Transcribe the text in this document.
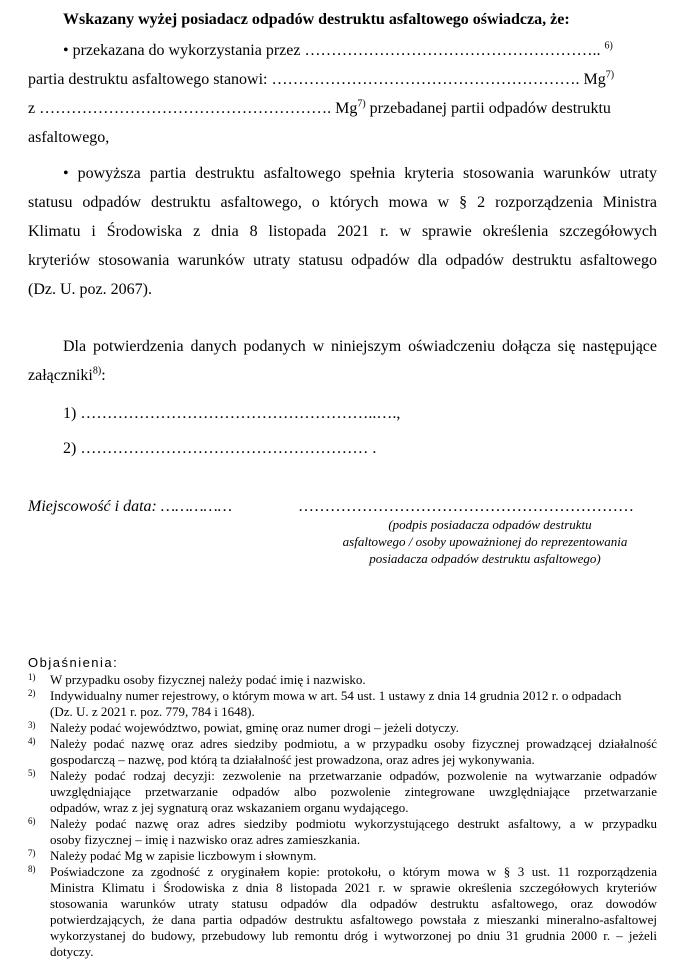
Wskazany wyżej posiadacz odpadów destruktu asfaltowego oświadcza, że:
• przekazana do wykorzystania przez ……………………………………………….. $^{6)}$
partia destruktu asfaltowego stanowi: …………………………………………………. Mg$^{7)}$
z ………………………………………………. Mg$^{7)}$ przebadanej partii odpadów destruktu
asfaltowego,
• powyższa partia destruktu asfaltowego spełnia kryteria stosowania warunków utraty
statusu odpadów destruktu asfaltowego, o których mowa w § 2 rozporządzenia Ministra
Klimatu i Środowiska z dnia 8 listopada 2021 r. w sprawie określenia szczegółowych
kryteriów stosowania warunków utraty statusu odpadów dla odpadów destruktu asfaltowego
(Dz. U. poz. 2067).
Dla potwierdzenia danych podanych w niniejszym oświadczeniu dołącza się następujące
załączniki$^{8)}$:
1) ………………………………………………..….,
2) ……………………………………………… .
Miejscowość i data: ……………	………………………………………………………
(podpis posiadacza odpadów destruktu
asfaltowego / osoby upoważnionej do reprezentowania
posiadacza odpadów destruktu asfaltowego)
Objaśnienia:
1) W przypadku osoby fizycznej należy podać imię i nazwisko.
2) Indywidualny numer rejestrowy, o którym mowa w art. 54 ust. 1 ustawy z dnia 14 grudnia 2012 r. o odpadach
(Dz. U. z 2021 r. poz. 779, 784 i 1648).
3) Należy podać województwo, powiat, gminę oraz numer drogi – jeżeli dotyczy.
4) Należy podać nazwę oraz adres siedziby podmiotu, a w przypadku osoby fizycznej prowadzącej działalność
gospodarczą – nazwę, pod którą ta działalność jest prowadzona, oraz adres jej wykonywania.
5) Należy podać rodzaj decyzji: zezwolenie na przetwarzanie odpadów, pozwolenie na wytwarzanie odpadów
uwzględniające przetwarzanie odpadów albo pozwolenie zintegrowane uwzględniające przetwarzanie
odpadów, wraz z jej sygnaturą oraz wskazaniem organu wydającego.
6) Należy podać nazwę oraz adres siedziby podmiotu wykorzystującego destrukt asfaltowy, a w przypadku
osoby fizycznej – imię i nazwisko oraz adres zamieszkania.
7) Należy podać Mg w zapisie liczbowym i słownym.
8) Poświadczone za zgodność z oryginałem kopie: protokołu, o którym mowa w § 3 ust. 11 rozporządzenia
Ministra Klimatu i Środowiska z dnia 8 listopada 2021 r. w sprawie określenia szczegółowych kryteriów
stosowania warunków utraty statusu odpadów dla odpadów destruktu asfaltowego, oraz dowodów
potwierdzających, że dana partia odpadów destruktu asfaltowego powstała z mieszanki mineralno-asfaltowej
wykorzystanej do budowy, przebudowy lub remontu dróg i wytworzonej po dniu 31 grudnia 2000 r. – jeżeli
dotyczy.
